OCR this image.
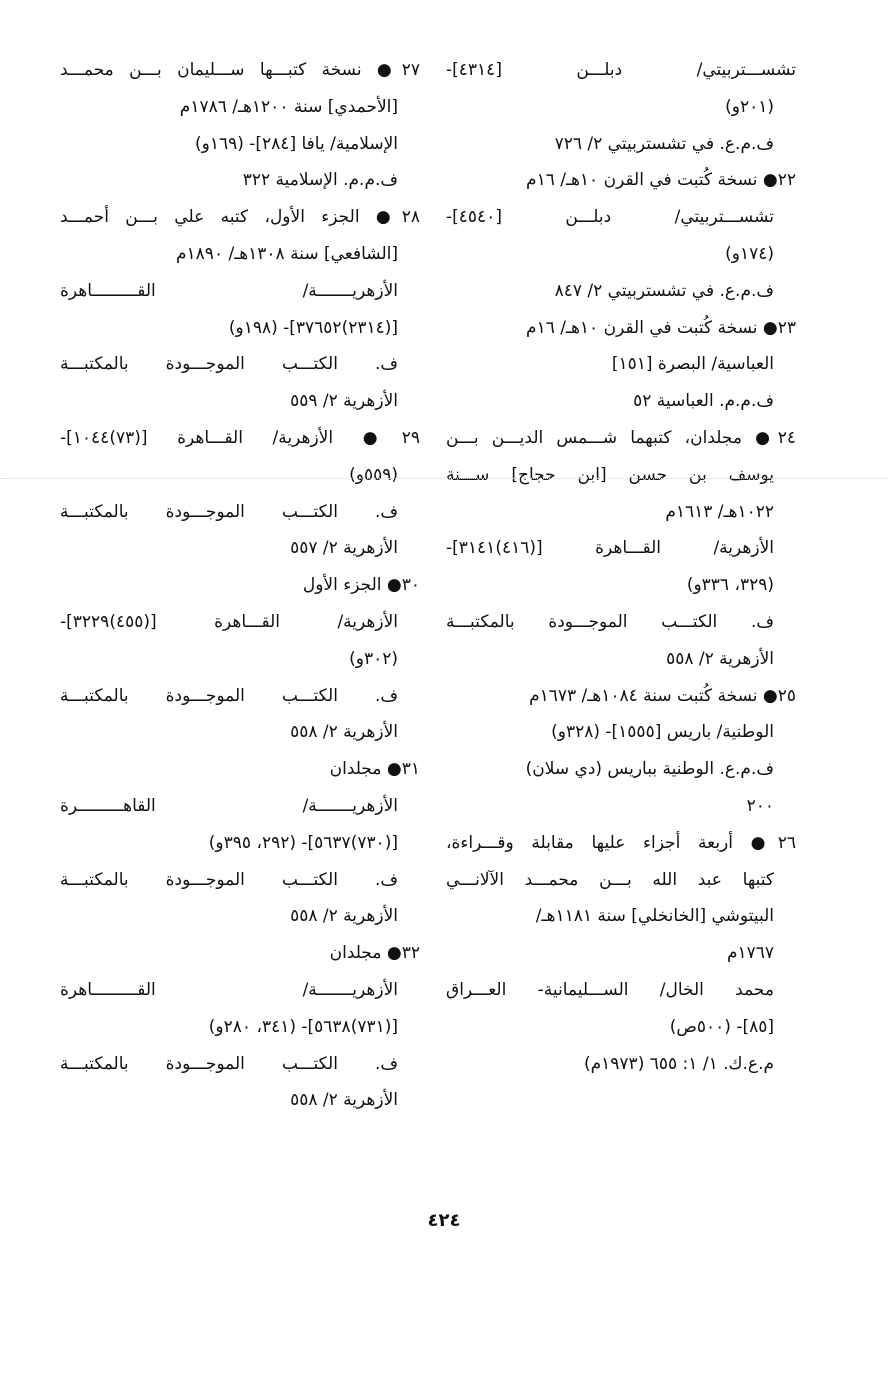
تشســـتربيتي/ دبلـــن [٤٣١٤]-
(٢٠١و)
ف.م.ع. في تشستربيتي ٢/ ٧٢٦
٢٢● نسخة كُتبت في القرن ١٠هـ/ ١٦م
تشســـتربيتي/ دبلـــن [٤٥٤٠]-
(١٧٤و)
ف.م.ع. في تشستربيتي ٢/ ٨٤٧
٢٣● نسخة كُتبت في القرن ١٠هـ/ ١٦م
العباسية/ البصرة [١٥١]
ف.م.م. العباسية ٥٢
٢٤● مجلدان، كتبهما شـــمس الديـــن بـــن
يوسف بن حسن [ابن حجاج] ســـنة
١٠٢٢هـ/ ١٦١٣م
الأزهرية/ القـــاهرة [(٤١٦)٣١٤١]-
(٣٢٩، ٣٣٦و)
ف. الكتـــب الموجـــودة بالمكتبـــة
الأزهرية ٢/ ٥٥٨
٢٥● نسخة كُتبت سنة ١٠٨٤هـ/ ١٦٧٣م
الوطنية/ باريس [١٥٥٥]- (٣٢٨و)
ف.م.ع. الوطنية بباريس (دي سلان)
٢٠٠
٢٦● أربعة أجزاء عليها مقابلة وقـــراءة،
كتبها عبد الله بـــن محمـــد الآلانـــي
البيتوشي [الخانخلي] سنة ١١٨١هـ/
١٧٦٧م
محمد الخال/ الســـليمانية- العـــراق
[٨٥]- (٥٠٠ص)
م.ع.ك. ١/ ١: ٦٥٥ (١٩٧٣م)
٢٧● نسخة كتبـــها ســـليمان بـــن محمـــد
[الأحمدي] سنة ١٢٠٠هـ/ ١٧٨٦م
الإسلامية/ يافا [٢٨٤]- (١٦٩و)
ف.م.م. الإسلامية ٣٢٢
٢٨● الجزء الأول، كتبه علي بـــن أحمـــد
[الشافعي] سنة ١٣٠٨هـ/ ١٨٩٠م
الأزهريـــــــة/ القـــــــــاهرة
[(٢٣١٤)٣٧٦٥٢]- (١٩٨و)
ف. الكتـــب الموجـــودة بالمكتبـــة
الأزهرية ٢/ ٥٥٩
٢٩● الأزهرية/ القـــاهرة [(٧٣)١٠٤٤]-
(٥٥٩و)
ف. الكتـــب الموجـــودة بالمكتبـــة
الأزهرية ٢/ ٥٥٧
٣٠● الجزء الأول
الأزهرية/ القـــاهرة [(٤٥٥)٣٢٢٩]-
(٣٠٢و)
ف. الكتـــب الموجـــودة بالمكتبـــة
الأزهرية ٢/ ٥٥٨
٣١● مجلدان
الأزهريـــــــة/ القاهـــــــــرة
[(٧٣٠)٥٦٣٧]- (٢٩٢، ٣٩٥و)
ف. الكتـــب الموجـــودة بالمكتبـــة
الأزهرية ٢/ ٥٥٨
٣٢● مجلدان
الأزهريـــــــة/ القـــــــــاهرة
[(٧٣١)٥٦٣٨]- (٣٤١، ٢٨٠و)
ف. الكتـــب الموجـــودة بالمكتبـــة
الأزهرية ٢/ ٥٥٨
٤٢٤
